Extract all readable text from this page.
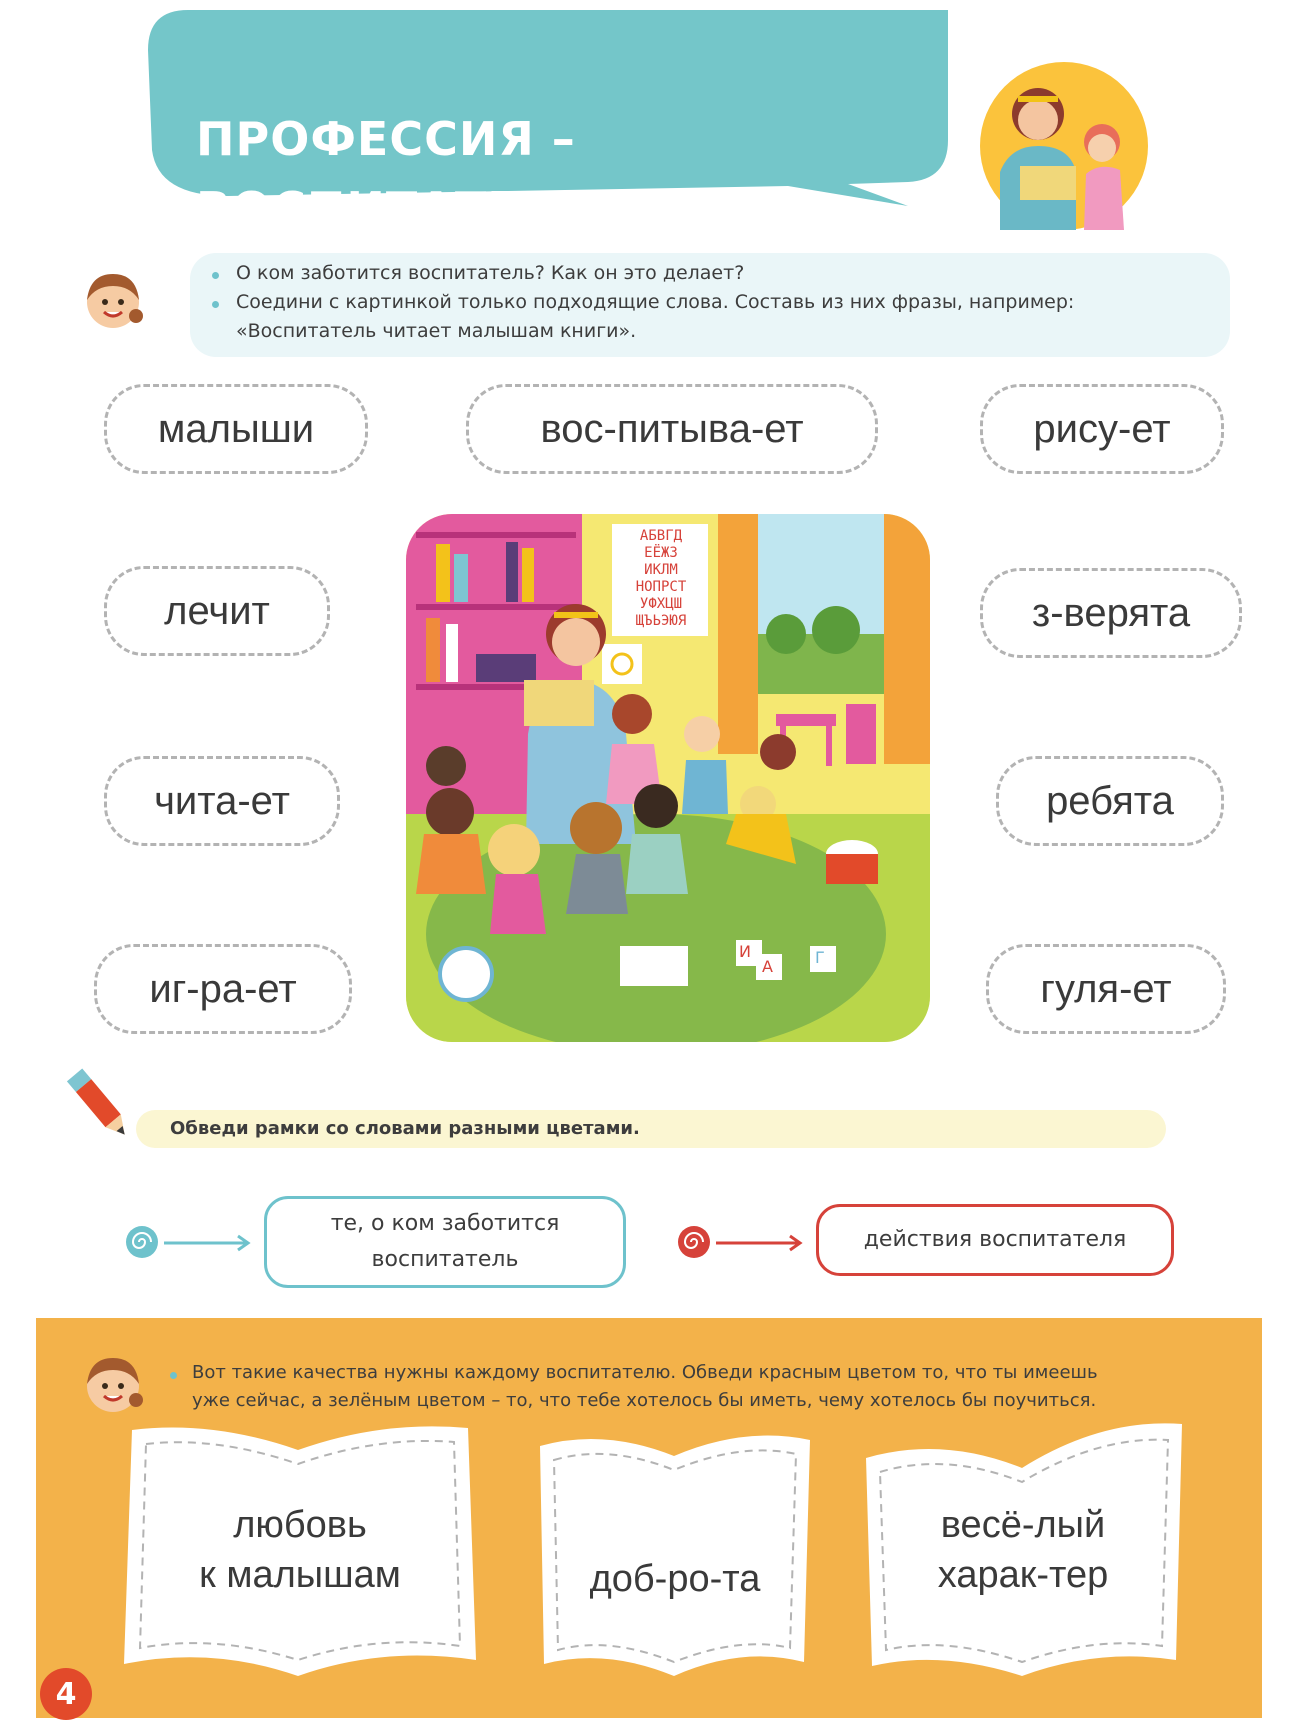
ПРОФЕССИЯ – ВОСПИТАТЕЛЬ
О ком заботится воспитатель? Как он это делает?
Соедини с картинкой только подходящие слова. Составь из них фразы, например:
«Воспитатель читает малышам книги».
малыши	вос-питыва-ет	рису-ет
лечит	з-верята
чита-ет	ребята
иг-ра-ет	гуля-ет
АБВГД
ЕЁЖЗ
ИКЛМ
НОПРСТ
УФХЦШ
ЩЪЬЭЮЯ
И
А	Г
Обведи рамки со словами разными цветами.
те, о ком заботится
воспитатель
действия воспитателя
Вот такие качества нужны каждому воспитателю. Обведи красным цветом то, что ты имеешь
уже сейчас, а зелёным цветом – то, что тебе хотелось бы иметь, чему хотелось бы поучиться.
любовь
к малышам	доб-ро-та
весё-лый
харак-тер
4
